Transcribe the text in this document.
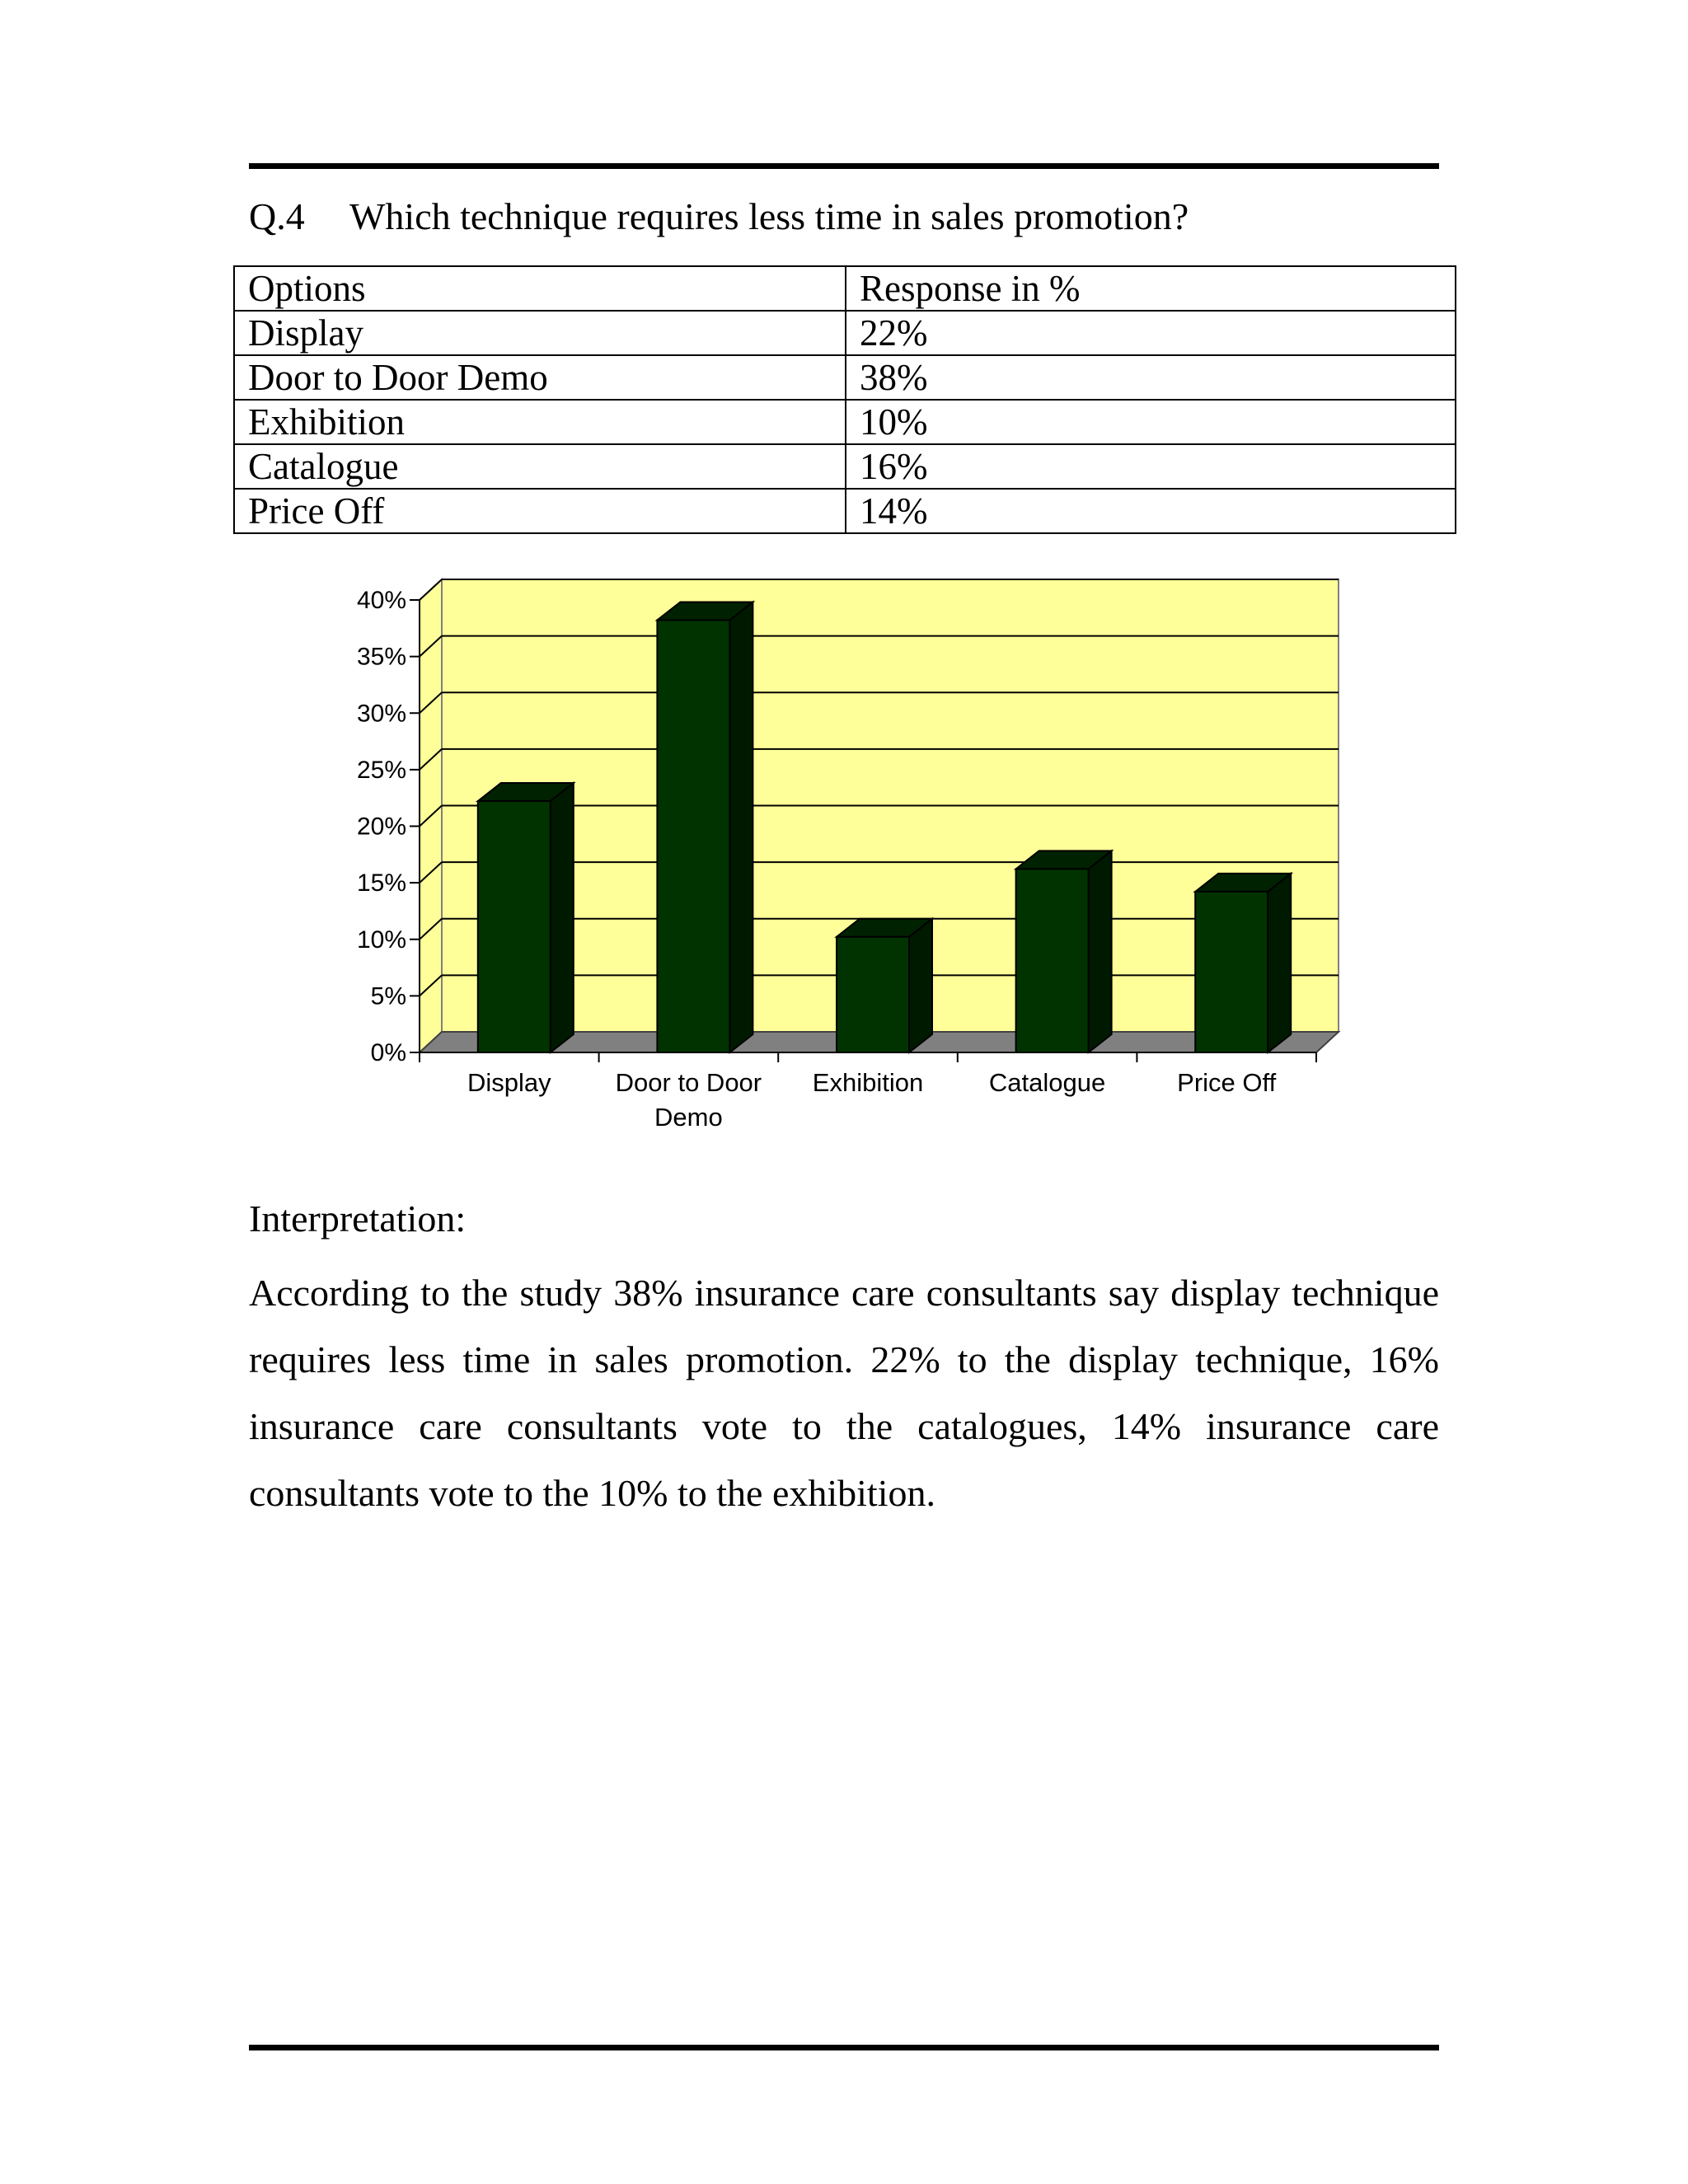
Q.4 Which technique requires less time in sales promotion?
Options	Response in %
Display	22%
Door to Door Demo	38%
Exhibition	10%
Catalogue	16%
Price Off	14%
0%
5%
10%
15%
20%
25%
30%
35%
40%
Display	Door to Door
Demo
Exhibition	Catalogue	Price Off
Interpretation:
According to the study 38% insurance care consultants say display technique requires less time in sales promotion. 22% to the display technique, 16% insurance care consultants vote to the catalogues, 14% insurance care consultants vote to the 10% to the exhibition.
